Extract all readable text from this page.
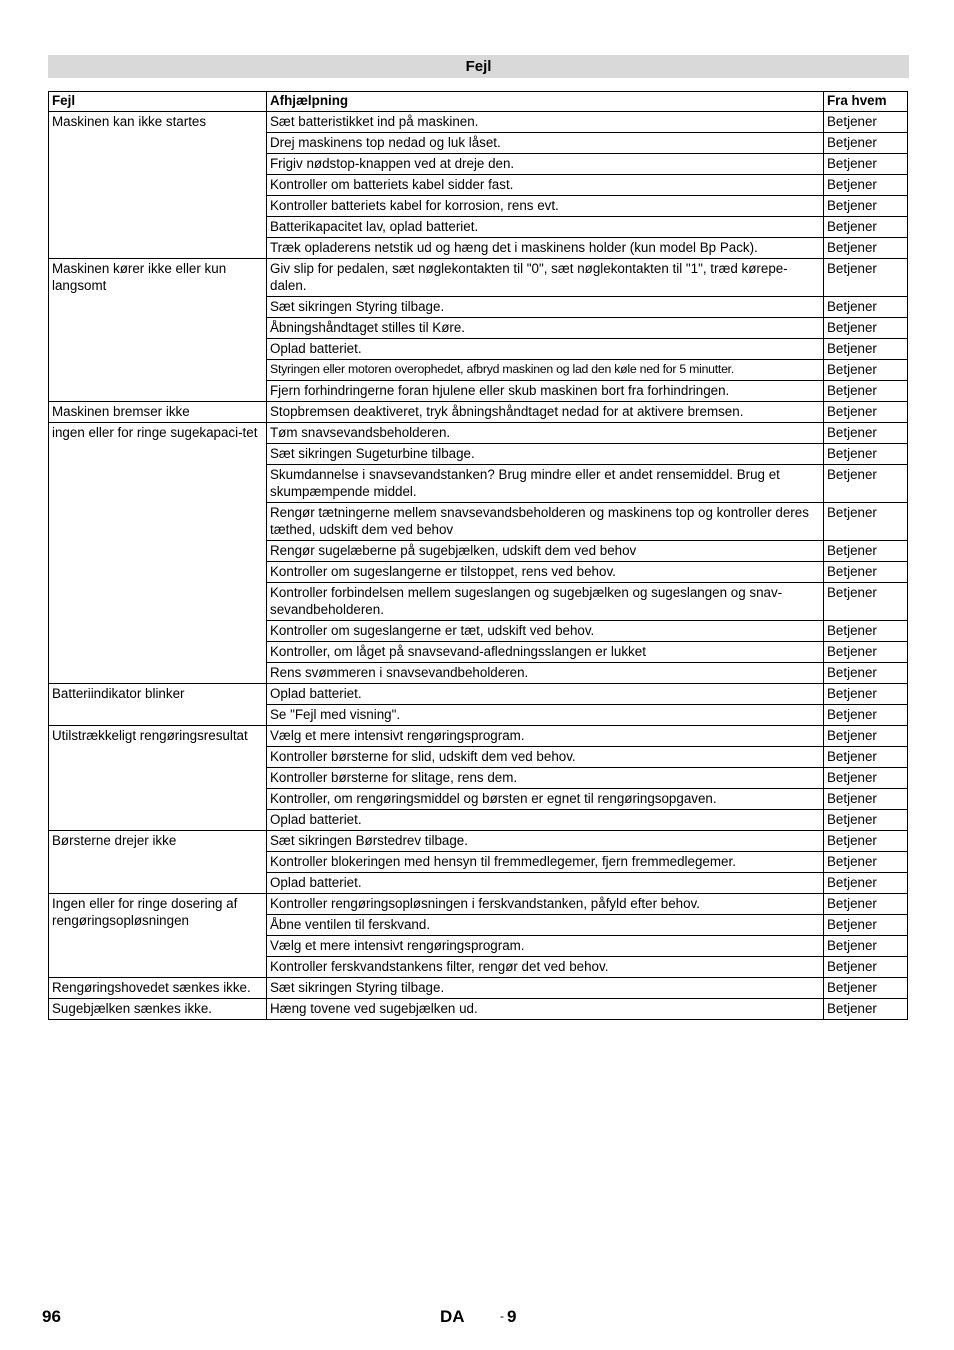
Fejl
Fejl	Afhjælpning	Fra hvem
Maskinen kan ikke startes	Sæt batteristikket ind på maskinen.	Betjener
	Drej maskinens top nedad og luk låset.	Betjener
	Frigiv nødstop-knappen ved at dreje den.	Betjener
	Kontroller om batteriets kabel sidder fast.	Betjener
	Kontroller batteriets kabel for korrosion, rens evt.	Betjener
	Batterikapacitet lav, oplad batteriet.	Betjener
	Træk opladerens netstik ud og hæng det i maskinens holder (kun model Bp Pack).	Betjener
Maskinen kører ikke eller kun langsomt	Giv slip for pedalen, sæt nøglekontakten til "0", sæt nøglekontakten til "1", træd kørepe-dalen.	Betjener
	Sæt sikringen Styring tilbage.	Betjener
	Åbningshåndtaget stilles til Køre.	Betjener
	Oplad batteriet.	Betjener
	Styringen eller motoren overophedet, afbryd maskinen og lad den køle ned for 5 minutter.	Betjener
	Fjern forhindringerne foran hjulene eller skub maskinen bort fra forhindringen.	Betjener
Maskinen bremser ikke	Stopbremsen deaktiveret, tryk åbningshåndtaget nedad for at aktivere bremsen.	Betjener
ingen eller for ringe sugekapaci-tet	Tøm snavsevandsbeholderen.	Betjener
	Sæt sikringen Sugeturbine tilbage.	Betjener
	Skumdannelse i snavsevandstanken? Brug mindre eller et andet rensemiddel. Brug et skumpæmpende middel.	Betjener
	Rengør tætningerne mellem snavsevandsbeholderen og maskinens top og kontroller deres tæthed, udskift dem ved behov	Betjener
	Rengør sugelæberne på sugebjælken, udskift dem ved behov	Betjener
	Kontroller om sugeslangerne er tilstoppet, rens ved behov.	Betjener
	Kontroller forbindelsen mellem sugeslangen og sugebjælken og sugeslangen og snav-sevandbeholderen.	Betjener
	Kontroller om sugeslangerne er tæt, udskift ved behov.	Betjener
	Kontroller, om låget på snavsevand-afledningsslangen er lukket	Betjener
	Rens svømmeren i snavsevandbeholderen.	Betjener
Batteriindikator blinker	Oplad batteriet.	Betjener
	Se "Fejl med visning".	Betjener
Utilstrækkeligt rengøringsresultat	Vælg et mere intensivt rengøringsprogram.	Betjener
	Kontroller børsterne for slid, udskift dem ved behov.	Betjener
	Kontroller børsterne for slitage, rens dem.	Betjener
	Kontroller, om rengøringsmiddel og børsten er egnet til rengøringsopgaven.	Betjener
	Oplad batteriet.	Betjener
Børsterne drejer ikke	Sæt sikringen Børstedrev tilbage.	Betjener
	Kontroller blokeringen med hensyn til fremmedlegemer, fjern fremmedlegemer.	Betjener
	Oplad batteriet.	Betjener
Ingen eller for ringe dosering af rengøringsopløsningen	Kontroller rengøringsopløsningen i ferskvandstanken, påfyld efter behov.	Betjener
	Åbne ventilen til ferskvand.	Betjener
	Vælg et mere intensivt rengøringsprogram.	Betjener
	Kontroller ferskvandstankens filter, rengør det ved behov.	Betjener
Rengøringshovedet sænkes ikke.	Sæt sikringen Styring tilbage.	Betjener
Sugebjælken sænkes ikke.	Hæng tovene ved sugebjælken ud.	Betjener
96	DA	- 9
